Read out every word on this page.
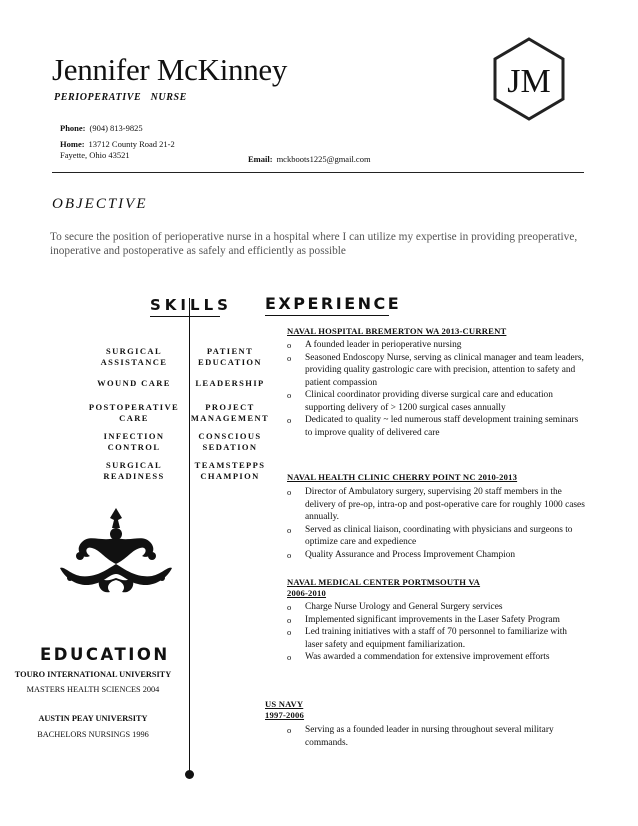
Jennifer McKinney
PERIOPERATIVE   NURSE
Phone: (904) 813-9825
Home: 13712 County Road 21-2
Fayette, Ohio 43521	Email: mckboots1225@gmail.com
JM
OBJECTIVE
To secure the position of perioperative nurse in a hospital where I can utilize my expertise in providing preoperative, inoperative and postoperative as safely and efficiently as possible
SKILLS
SURGICAL ASSISTANCE
WOUND CARE
POSTOPERATIVE CARE
INFECTION CONTROL
SURGICAL READINESS
PATIENT EDUCATION
LEADERSHIP
PROJECT MANAGEMENT
CONSCIOUS SEDATION
TEAMSTEPPS CHAMPION
EDUCATION
TOURO INTERNATIONAL UNIVERSITY
MASTERS HEALTH SCIENCES 2004
AUSTIN PEAY UNIVERSITY
BACHELORS NURSINGS 1996
EXPERIENCE
NAVAL HOSPITAL BREMERTON WA 2013-CURRENT
o A founded leader in perioperative nursing
o Seasoned Endoscopy Nurse, serving as clinical manager and team leaders, providing quality gastrologic care with precision, attention to safety and patient compassion
o Clinical coordinator providing diverse surgical care and education supporting delivery of > 1200 surgical cases annually
o Dedicated to quality ~ led numerous staff development training seminars to improve quality of delivered care
NAVAL HEALTH CLINIC CHERRY POINT NC 2010-2013
o Director of Ambulatory surgery, supervising 20 staff members in the delivery of pre-op, intra-op and post-operative care for roughly 1000 cases annually.
o Served as clinical liaison, coordinating with physicians and surgeons to optimize care and expedience
o Quality Assurance and Process Improvement Champion
NAVAL MEDICAL CENTER PORTMSOUTH VA
2006-2010
o Charge Nurse Urology and General Surgery services
o Implemented significant improvements in the Laser Safety Program
o Led training initiatives with a staff of 70 personnel to familiarize with laser safety and equipment familiarization.
o Was awarded a commendation for extensive improvement efforts
US NAVY
1997-2006
o Serving as a founded leader in nursing throughout several military commands.
